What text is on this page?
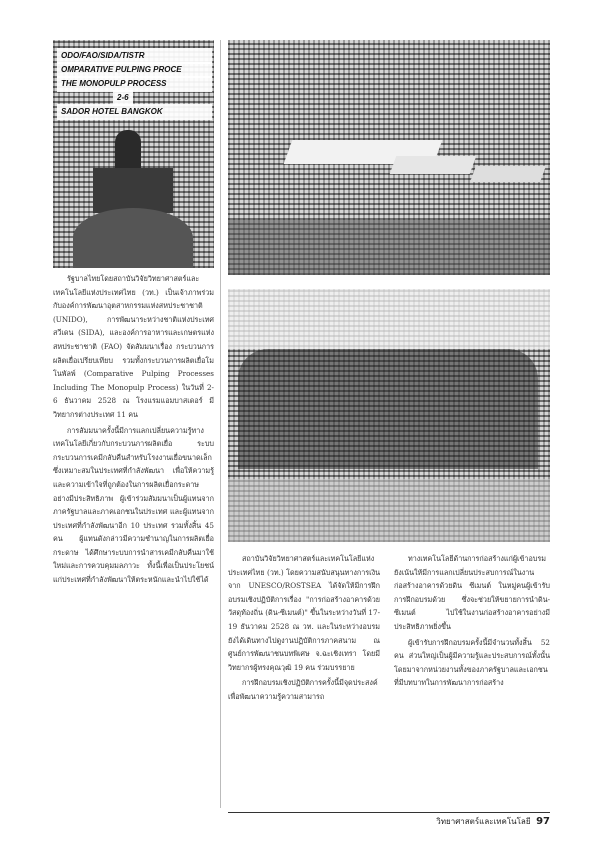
ODO/FAO/SIDA/TISTR
OMPARATIVE PULPING PROCE
THE MONOPULP PROCESS
2-6
SADOR HOTEL BANGKOK

รัฐบาลไทยโดยสถาบันวิจัยวิทยาศาสตร์และเทคโนโลยีแห่งประเทศไทย (วท.) เป็นเจ้าภาพร่วมกับองค์การพัฒนาอุตสาหกรรมแห่งสหประชาชาติ (UNIDO), การพัฒนาระหว่างชาติแห่งประเทศสวีเดน (SIDA), และองค์การอาหารและเกษตรแห่งสหประชาชาติ (FAO) จัดสัมมนาเรื่อง กระบวนการผลิตเยื่อเปรียบเทียบ รวมทั้งกระบวนการผลิตเยื่อโมโนพัลพ์ (Comparative Pulping Processes Including The Monopulp Process) ในวันที่ 2-6 ธันวาคม 2528 ณ โรงแรมแอมบาสเดอร์ มีวิทยากรต่างประเทศ 11 คน

การสัมมนาครั้งนี้มีการแลกเปลี่ยนความรู้ทางเทคโนโลยีเกี่ยวกับกระบวนการผลิตเยื่อ ระบบกระบวนการเคมีกลับคืนสำหรับโรงงานเยื่อขนาดเล็กซึ่งเหมาะสมในประเทศที่กำลังพัฒนา เพื่อให้ความรู้และความเข้าใจที่ถูกต้องในการผลิตเยื่อกระดาษอย่างมีประสิทธิภาพ ผู้เข้าร่วมสัมมนาเป็นผู้แทนจากภาครัฐบาลและภาคเอกชนในประเทศ และผู้แทนจากประเทศที่กำลังพัฒนาอีก 10 ประเทศ รวมทั้งสิ้น 45 คน ผู้แทนดังกล่าวมีความชำนาญในการผลิตเยื่อกระดาษ ได้ศึกษาระบบการนำสารเคมีกลับคืนมาใช้ใหม่และการควบคุมมลภาวะ ทั้งนี้เพื่อเป็นประโยชน์แก่ประเทศที่กำลังพัฒนาให้ตระหนักและนำไปใช้ได้

สถาบันวิจัยวิทยาศาสตร์และเทคโนโลยีแห่งประเทศไทย (วท.) โดยความสนับสนุนทางการเงินจาก UNESCO/ROSTSEA ได้จัดให้มีการฝึกอบรมเชิงปฏิบัติการเรื่อง "การก่อสร้างอาคารด้วยวัสดุท้องถิ่น (ดิน-ซีเมนต์)" ขึ้นในระหว่างวันที่ 17-19 ธันวาคม 2528 ณ วท. และในระหว่างอบรมยังได้เดินทางไปดูงานปฏิบัติการภาคสนาม ณ ศูนย์การพัฒนาชนบทพิเศษ จ.ฉะเชิงเทรา โดยมีวิทยากรผู้ทรงคุณวุฒิ 19 คน ร่วมบรรยาย

การฝึกอบรมเชิงปฏิบัติการครั้งนี้มีจุดประสงค์เพื่อพัฒนาความรู้ความสามารถ

ทางเทคโนโลยีด้านการก่อสร้างแก่ผู้เข้าอบรม ยังเน้นให้มีการแลกเปลี่ยนประสบการณ์ในงานก่อสร้างอาคารด้วยดิน ซีเมนต์ ในหมู่คนผู้เข้ารับการฝึกอบรมด้วย ซึ่งจะช่วยให้ขยายการนำดิน-ซีเมนต์ ไปใช้ในงานก่อสร้างอาคารอย่างมีประสิทธิภาพยิ่งขึ้น

ผู้เข้ารับการฝึกอบรมครั้งนี้มีจำนวนทั้งสิ้น 52 คน ส่วนใหญ่เป็นผู้มีความรู้และประสบการณ์ทั้งนั้น โดยมาจากหน่วยงานทั้งของภาครัฐบาลและเอกชนที่มีบทบาทในการพัฒนาการก่อสร้าง

วิทยาศาสตร์และเทคโนโลยี 97
